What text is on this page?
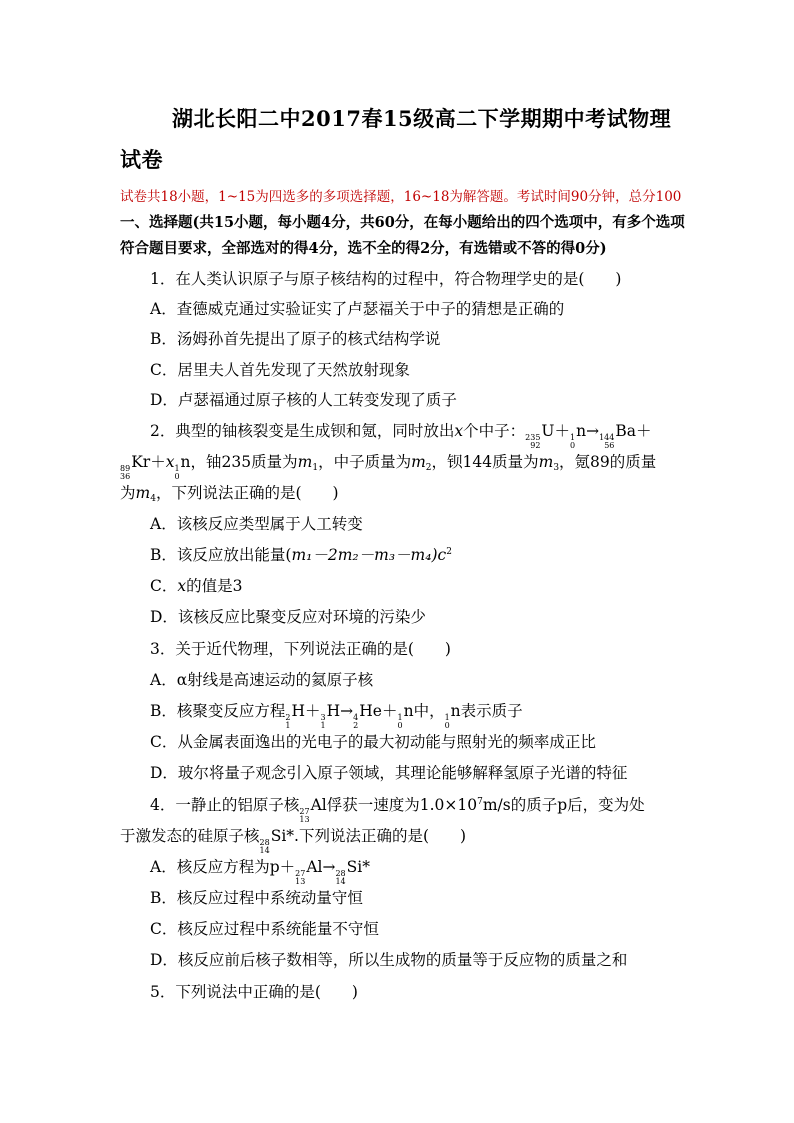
湖北长阳二中2017春15级高二下学期期中考试物理
试卷
试卷共18小题，1~15为四选多的多项选择题，16~18为解答题。考试时间90分钟，总分100
一、选择题(共15小题，每小题4分，共60分，在每小题给出的四个选项中，有多个选项
符合题目要求，全部选对的得4分，选不全的得2分，有选错或不答的得0分)
1．在人类认识原子与原子核结构的过程中，符合物理学史的是(　　)
A．查德威克通过实验证实了卢瑟福关于中子的猜想是正确的
B．汤姆孙首先提出了原子的核式结构学说
C．居里夫人首先发现了天然放射现象
D．卢瑟福通过原子核的人工转变发现了质子
2．典型的铀核裂变是生成钡和氪，同时放出x个中子： 235
92
U＋ 1
0
n→ 144
56
Ba＋
89
36
Kr＋x 1
0
n，铀235质量为$m_1$，中子质量为$m_2$，钡144质量为$m_3$，氪89的质量
为$m_4$，下列说法正确的是(　　)
A．该核反应类型属于人工转变
B．该反应放出能量$(m_1-2m_2-m_3-m_4)c^2$
C．x的值是3
D．该核反应比聚变反应对环境的污染少
3．关于近代物理，下列说法正确的是(　　)
A．α射线是高速运动的氦原子核
B．核聚变反应方程 2
1
H＋ 3
1
H→ 4
2
He＋ 1
0
n中， 1
0
n表示质子
C．从金属表面逸出的光电子的最大初动能与照射光的频率成正比
D．玻尔将量子观念引入原子领域，其理论能够解释氢原子光谱的特征
4．一静止的铝原子核 27
13
Al俘获一速度为$1.0\times 10^7m/s$的质子p后，变为处
于激发态的硅原子核 28
14
Si*.下列说法正确的是(　　)
A．核反应方程为p＋ 27
13
Al→ 28
14
Si*
B．核反应过程中系统动量守恒
C．核反应过程中系统能量不守恒
D．核反应前后核子数相等，所以生成物的质量等于反应物的质量之和
5．下列说法中正确的是(　　)
